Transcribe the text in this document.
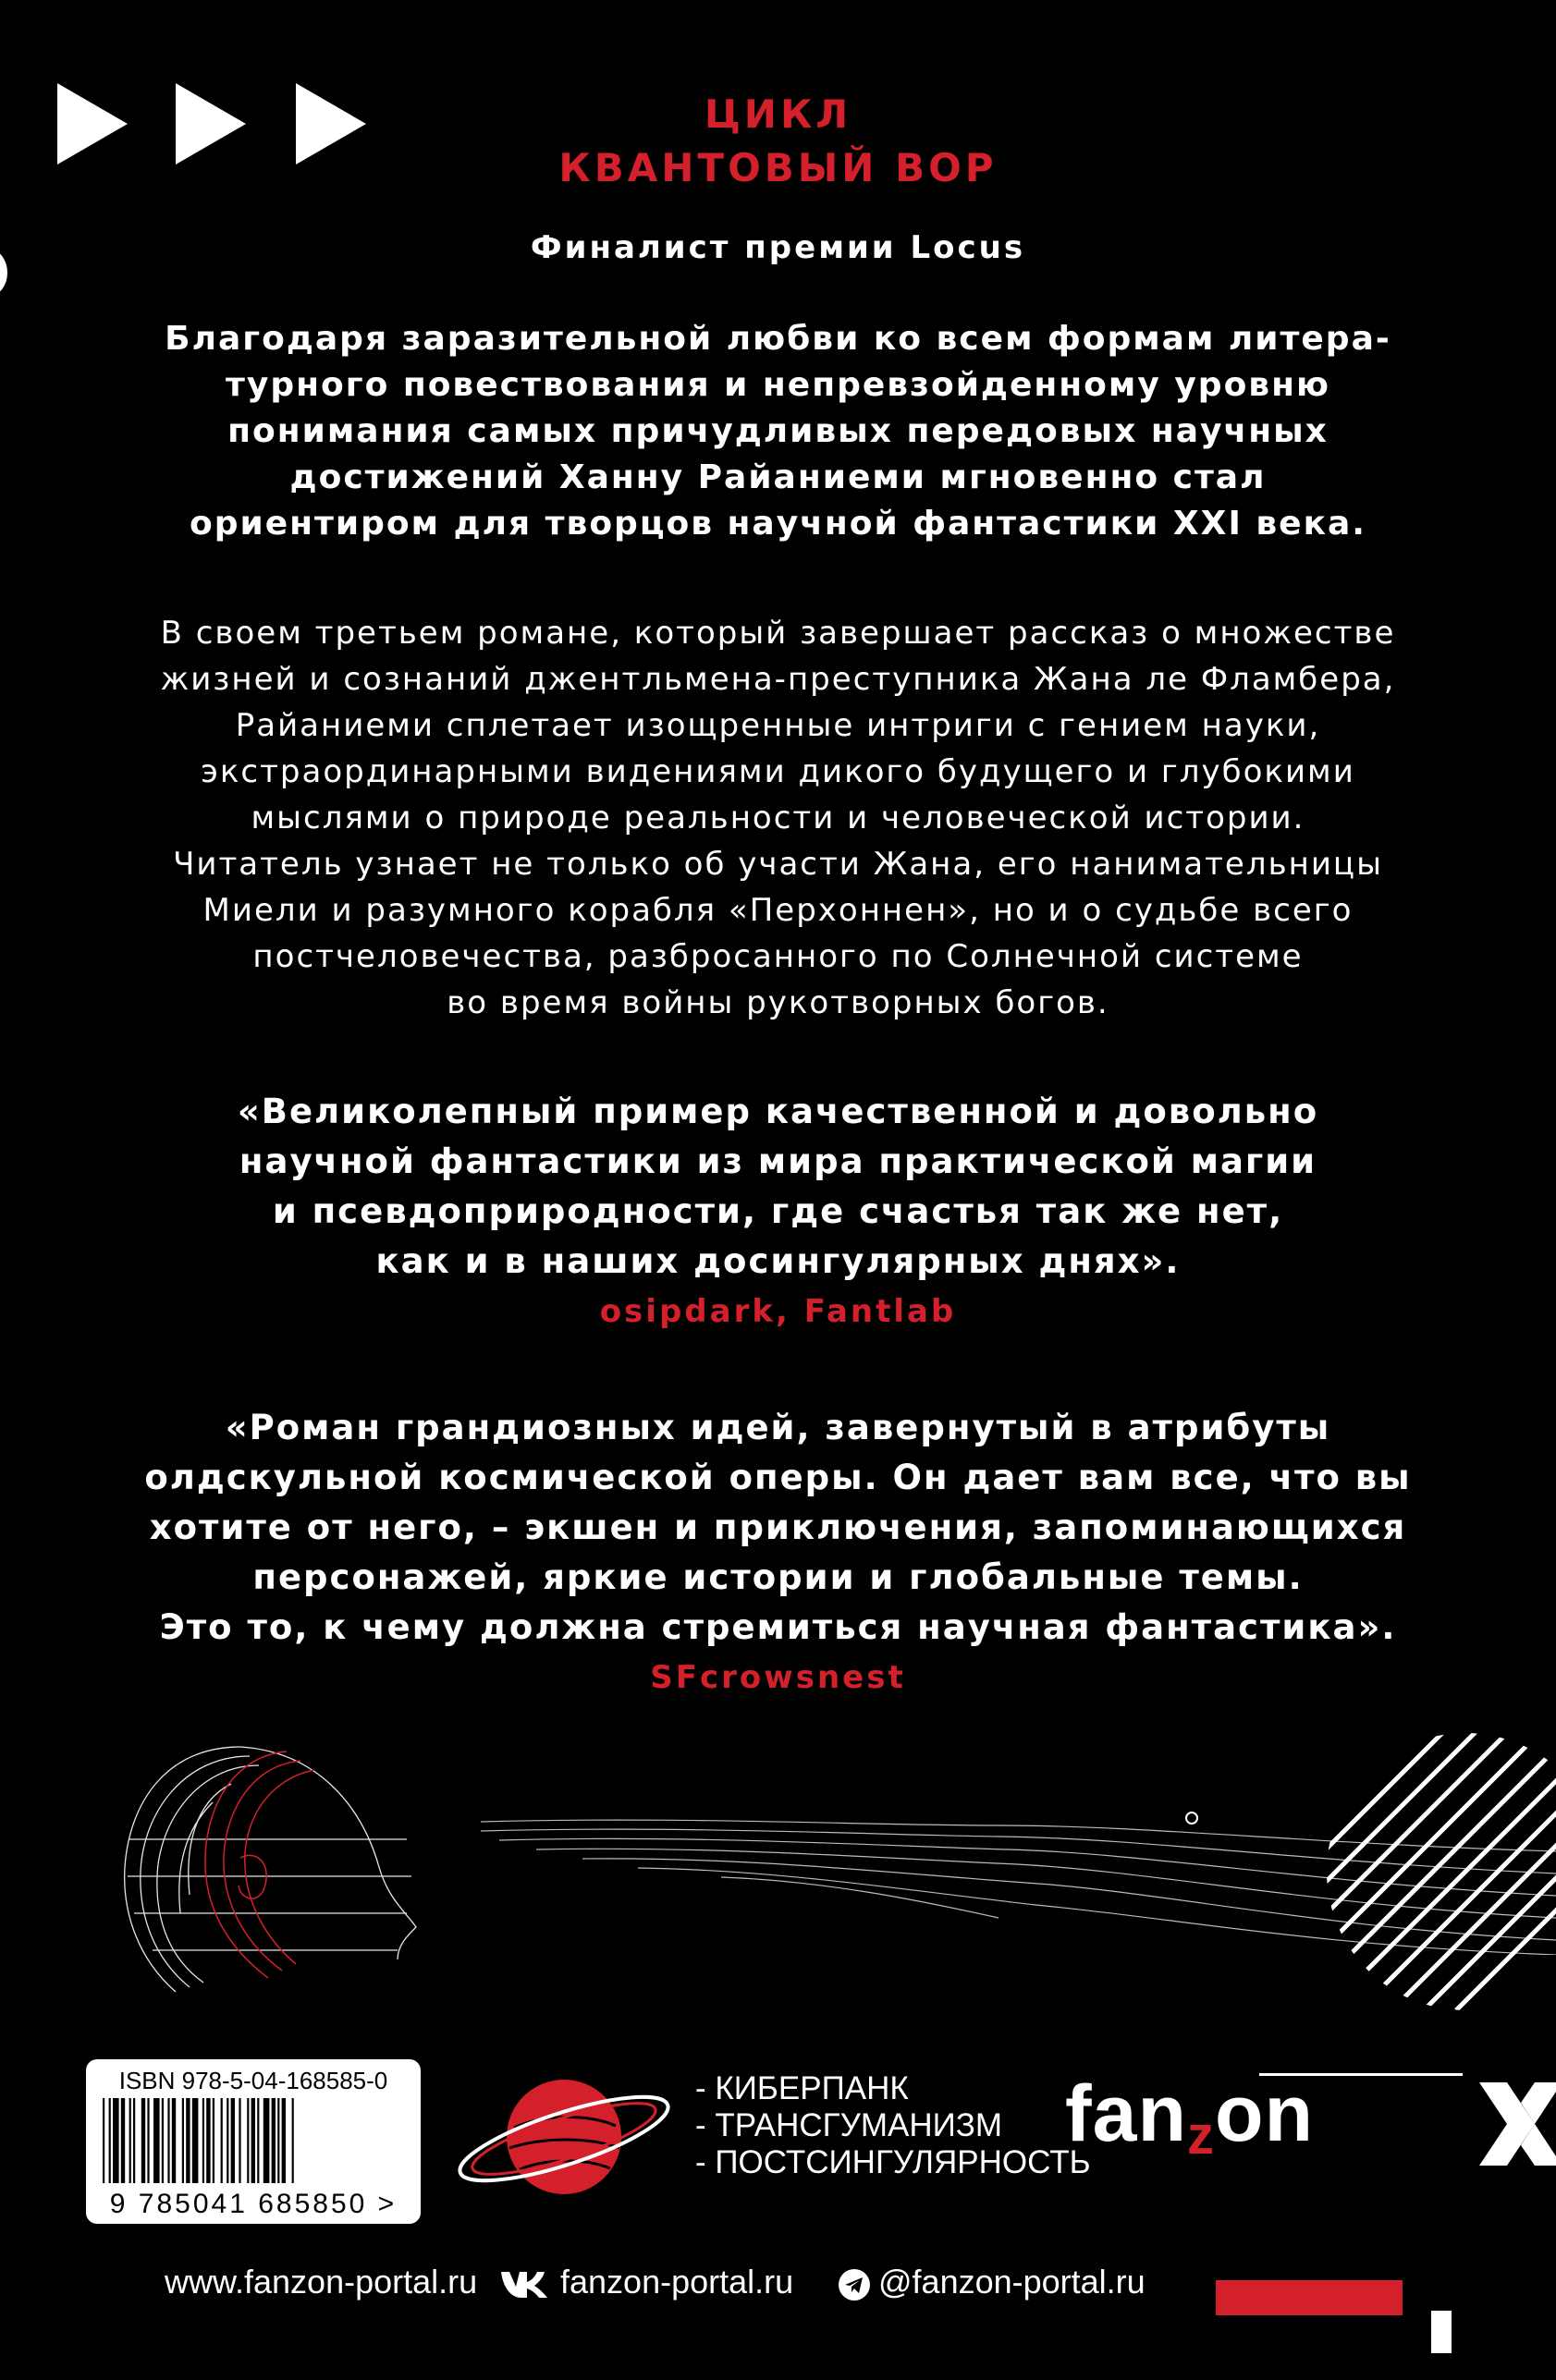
ЦИКЛ
КВАНТОВЫЙ ВОР
Финалист премии Locus
Благодаря заразительной любви ко всем формам литера-
турного повествования и непревзойденному уровню
понимания самых причудливых передовых научных
достижений Ханну Райаниеми мгновенно стал
ориентиром для творцов научной фантастики XXI века.
В своем третьем романе, который завершает рассказ о множестве
жизней и сознаний джентльмена-преступника Жана ле Фламбера,
Райаниеми сплетает изощренные интриги с гением науки,
экстраординарными видениями дикого будущего и глубокими
мыслями о природе реальности и человеческой истории.
Читатель узнает не только об участи Жана, его нанимательницы
Миели и разумного корабля «Перхоннен», но и о судьбе всего
постчеловечества, разбросанного по Солнечной системе
во время войны рукотворных богов.
«Великолепный пример качественной и довольно
научной фантастики из мира практической магии
и псевдоприродности, где счастья так же нет,
как и в наших досингулярных днях».
osipdark, Fantlab
«Роман грандиозных идей, завернутый в атрибуты
олдскульной космической оперы. Он дает вам все, что вы
хотите от него, – экшен и приключения, запоминающихся
персонажей, яркие истории и глобальные темы.
Это то, к чему должна стремиться научная фантастика».
SFcrowsnest
ISBN 978-5-04-168585-0
9 785041 685850 >
- КИБЕРПАНК
- ТРАНСГУМАНИЗМ
- ПОСТСИНГУЛЯРНОСТЬ
fanzon
www.fanzon-portal.ru fanzon-portal.ru	@fanzon-portal.ru
